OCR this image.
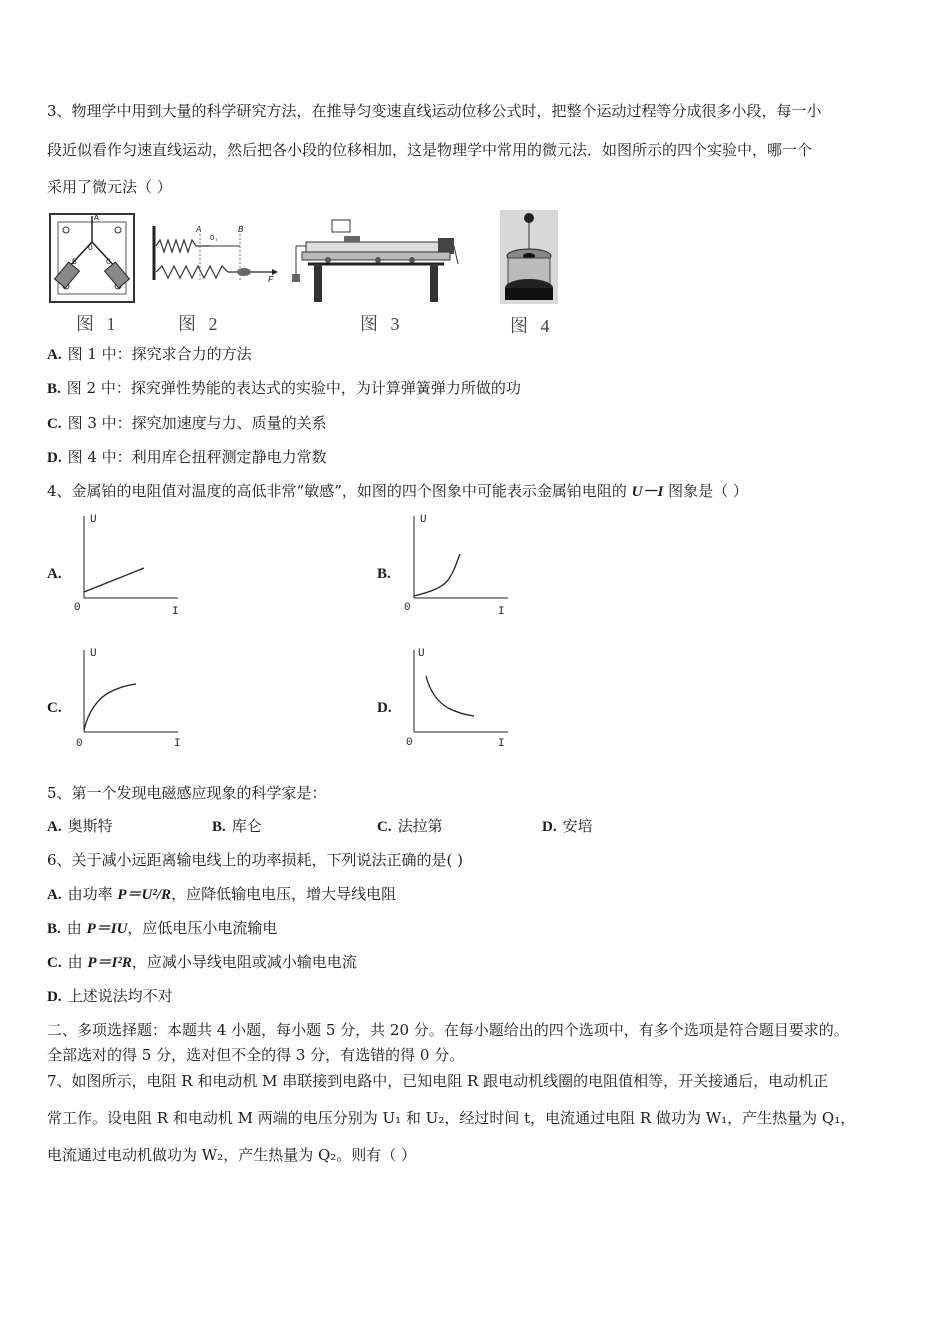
3、物理学中用到大量的科学研究方法，在推导匀变速直线运动位移公式时，把整个运动过程等分成很多小段，每一小
段近似看作匀速直线运动，然后把各小段的位移相加，这是物理学中常用的微元法．如图所示的四个实验中，哪一个
采用了微元法（ ）
A
O
B	C
图 1
A	B
O₁
F
图 2	图 3	图 4
A. 图 1 中：探究求合力的方法
B. 图 2 中：探究弹性势能的表达式的实验中，为计算弹簧弹力所做的功
C. 图 3 中：探究加速度与力、质量的关系
D. 图 4 中：利用库仑扭秤测定静电力常数
4、金属铂的电阻值对温度的高低非常“敏感”，如图的四个图象中可能表示金属铂电阻的 U－I 图象是（ ）
A.
U
0	I
B.
U
0	I
C.
U
0	I
D.
U
0	I
5、第一个发现电磁感应现象的科学家是：
A. 奥斯特	B. 库仑	C. 法拉第	D. 安培
6、关于减小远距离输电线上的功率损耗，下列说法正确的是( )
A. 由功率 P＝U²/R，应降低输电电压，增大导线电阻
B. 由 P＝IU，应低电压小电流输电
C. 由 P＝I²R，应减小导线电阻或减小输电电流
D. 上述说法均不对
二、多项选择题：本题共 4 小题，每小题 5 分，共 20 分。在每小题给出的四个选项中，有多个选项是符合题目要求的。
全部选对的得 5 分，选对但不全的得 3 分，有选错的得 0 分。
7、如图所示，电阻 R 和电动机 M 串联接到电路中，已知电阻 R 跟电动机线圈的电阻值相等，开关接通后，电动机正
常工作。设电阻 R 和电动机 M 两端的电压分别为 U₁ 和 U₂，经过时间 t，电流通过电阻 R 做功为 W₁，产生热量为 Q₁，
电流通过电动机做功为 W₂，产生热量为 Q₂。则有（ ）
